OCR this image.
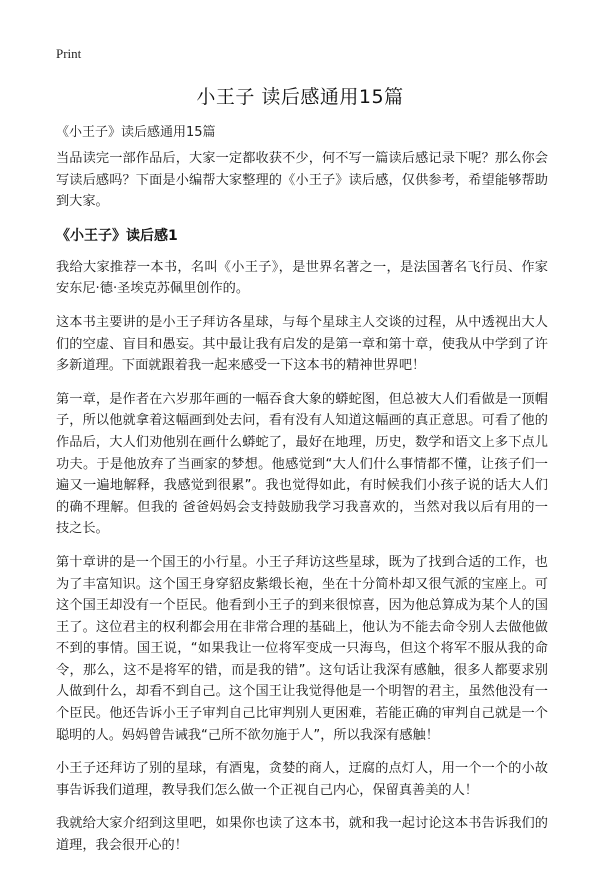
Print
小王子 读后感通用15篇
《小王子》读后感通用15篇

当品读完一部作品后，大家一定都收获不少，何不写一篇读后感记录下呢？那么你会写读后感吗？下面是小编帮大家整理的《小王子》读后感，仅供参考，希望能够帮助到大家。

《小王子》读后感1

我给大家推荐一本书，名叫《小王子》，是世界名著之一，是法国著名飞行员、作家安东尼·德·圣埃克苏佩里创作的。

这本书主要讲的是小王子拜访各星球，与每个星球主人交谈的过程，从中透视出大人们的空虚、盲目和愚妄。其中最让我有启发的是第一章和第十章，使我从中学到了许多新道理。下面就跟着我一起来感受一下这本书的精神世界吧！

第一章，是作者在六岁那年画的一幅吞食大象的蟒蛇图，但总被大人们看做是一顶帽子，所以他就拿着这幅画到处去问，看有没有人知道这幅画的真正意思。可看了他的作品后，大人们劝他别在画什么蟒蛇了，最好在地理，历史，数学和语文上多下点儿功夫。于是他放弃了当画家的梦想。他感觉到“大人们什么事情都不懂，让孩子们一遍又一遍地解释，我感觉到很累”。我也觉得如此，有时候我们小孩子说的话大人们的确不理解。但我的 爸爸妈妈会支持鼓励我学习我喜欢的，当然对我以后有用的一技之长。

第十章讲的是一个国王的小行星。小王子拜访这些星球，既为了找到合适的工作，也为了丰富知识。这个国王身穿貂皮紫缎长袍，坐在十分简朴却又很气派的宝座上。可这个国王却没有一个臣民。他看到小王子的到来很惊喜，因为他总算成为某个人的国王了。这位君主的权利都会用在非常合理的基础上，他认为不能去命令别人去做他做不到的事情。国王说，“如果我让一位将军变成一只海鸟，但这个将军不服从我的命令，那么，这不是将军的错，而是我的错”。这句话让我深有感触，很多人都要求别人做到什么，却看不到自己。这个国王让我觉得他是一个明智的君主，虽然他没有一个臣民。他还告诉小王子审判自己比审判别人更困难，若能正确的审判自己就是一个聪明的人。妈妈曾告诫我“己所不欲勿施于人”，所以我深有感触！

小王子还拜访了别的星球，有酒鬼，贪婪的商人，迂腐的点灯人，用一个一个的小故事告诉我们道理，教导我们怎么做一个正视自己内心，保留真善美的人！

我就给大家介绍到这里吧，如果你也读了这本书，就和我一起讨论这本书告诉我们的道理，我会很开心的！
